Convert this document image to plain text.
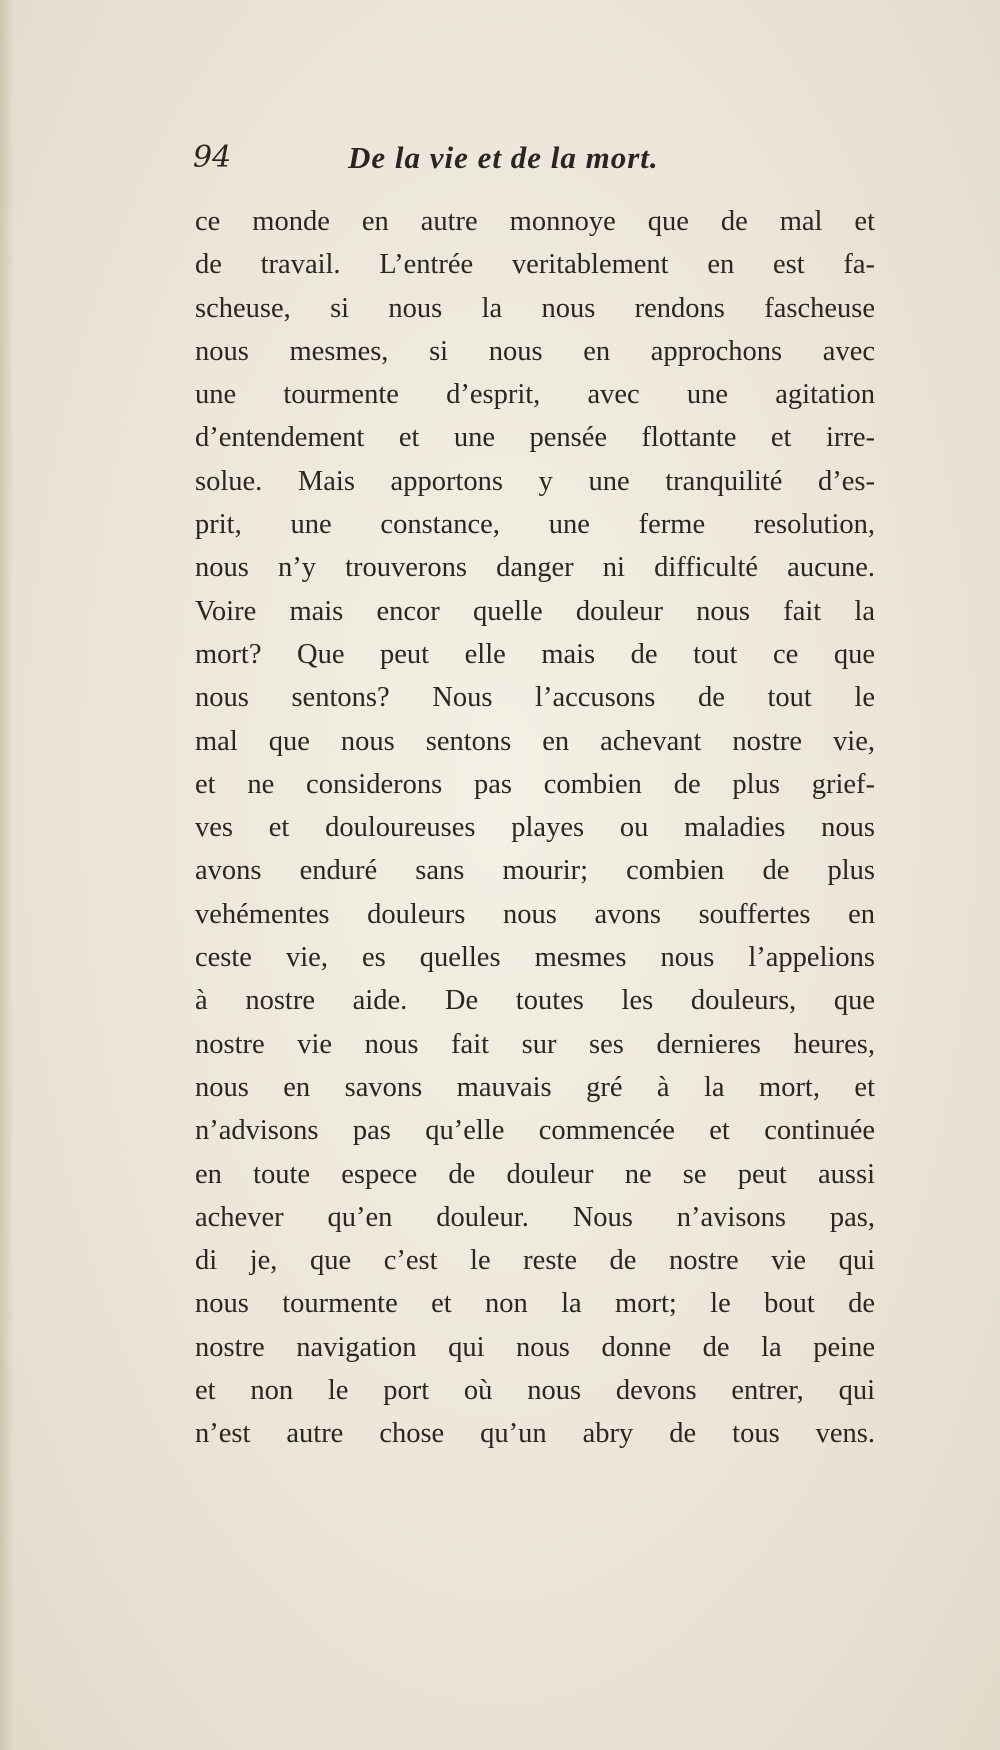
94	De la vie et de la mort.
ce monde en autre monnoye que de mal et
de travail. L’entrée veritablement en est fa-
scheuse, si nous la nous rendons fascheuse
nous mesmes, si nous en approchons avec
une tourmente d’esprit, avec une agitation
d’entendement et une pensée flottante et irre-
solue. Mais apportons y une tranquilité d’es-
prit, une constance, une ferme resolution,
nous n’y trouverons danger ni difficulté aucune.
Voire mais encor quelle douleur nous fait la
mort? Que peut elle mais de tout ce que
nous sentons? Nous l’accusons de tout le
mal que nous sentons en achevant nostre vie,
et ne considerons pas combien de plus grief-
ves et douloureuses playes ou maladies nous
avons enduré sans mourir; combien de plus
vehémentes douleurs nous avons souffertes en
ceste vie, es quelles mesmes nous l’appelions
à nostre aide. De toutes les douleurs, que
nostre vie nous fait sur ses dernieres heures,
nous en savons mauvais gré à la mort, et
n’advisons pas qu’elle commencée et continuée
en toute espece de douleur ne se peut aussi
achever qu’en douleur. Nous n’avisons pas,
di je, que c’est le reste de nostre vie qui
nous tourmente et non la mort; le bout de
nostre navigation qui nous donne de la peine
et non le port où nous devons entrer, qui
n’est autre chose qu’un abry de tous vens.
